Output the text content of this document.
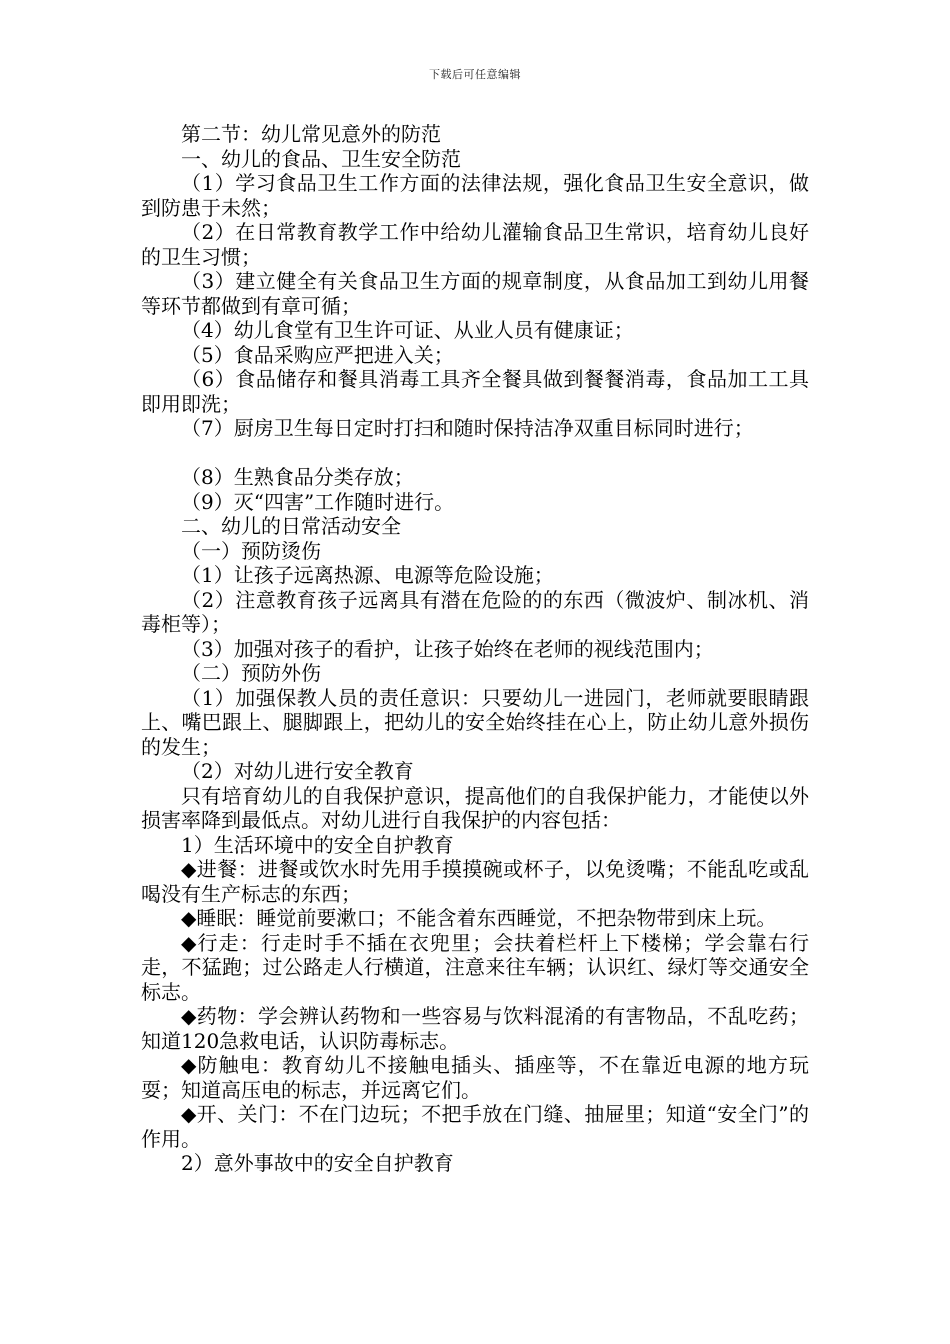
下载后可任意编辑

第二节：幼儿常见意外的防范

一、幼儿的食品、卫生安全防范

（1）学习食品卫生工作方面的法律法规，强化食品卫生安全意识，做到防患于未然；

（2）在日常教育教学工作中给幼儿灌输食品卫生常识，培育幼儿良好的卫生习惯；

（3）建立健全有关食品卫生方面的规章制度，从食品加工到幼儿用餐等环节都做到有章可循；

（4）幼儿食堂有卫生许可证、从业人员有健康证；

（5）食品采购应严把进入关；

（6）食品储存和餐具消毒工具齐全餐具做到餐餐消毒，食品加工工具即用即洗；

（7）厨房卫生每日定时打扫和随时保持洁净双重目标同时进行；

（8）生熟食品分类存放；

（9）灭“四害”工作随时进行。

二、幼儿的日常活动安全

（一）预防烫伤

（1）让孩子远离热源、电源等危险设施；

（2）注意教育孩子远离具有潜在危险的的东西（微波炉、制冰机、消毒柜等）；

（3）加强对孩子的看护，让孩子始终在老师的视线范围内；

（二）预防外伤

（1）加强保教人员的责任意识：只要幼儿一进园门，老师就要眼睛跟上、嘴巴跟上、腿脚跟上，把幼儿的安全始终挂在心上，防止幼儿意外损伤的发生；

（2）对幼儿进行安全教育

只有培育幼儿的自我保护意识，提高他们的自我保护能力，才能使以外损害率降到最低点。对幼儿进行自我保护的内容包括：

1）生活环境中的安全自护教育

◆进餐：进餐或饮水时先用手摸摸碗或杯子，以免烫嘴；不能乱吃或乱喝没有生产标志的东西；

◆睡眠：睡觉前要漱口；不能含着东西睡觉，不把杂物带到床上玩。

◆行走：行走时手不插在衣兜里；会扶着栏杆上下楼梯；学会靠右行走，不猛跑；过公路走人行横道，注意来往车辆；认识红、绿灯等交通安全标志。

◆药物：学会辨认药物和一些容易与饮料混淆的有害物品，不乱吃药；知道120急救电话，认识防毒标志。

◆防触电：教育幼儿不接触电插头、插座等，不在靠近电源的地方玩耍；知道高压电的标志，并远离它们。

◆开、关门：不在门边玩；不把手放在门缝、抽屉里；知道“安全门”的作用。

2）意外事故中的安全自护教育
